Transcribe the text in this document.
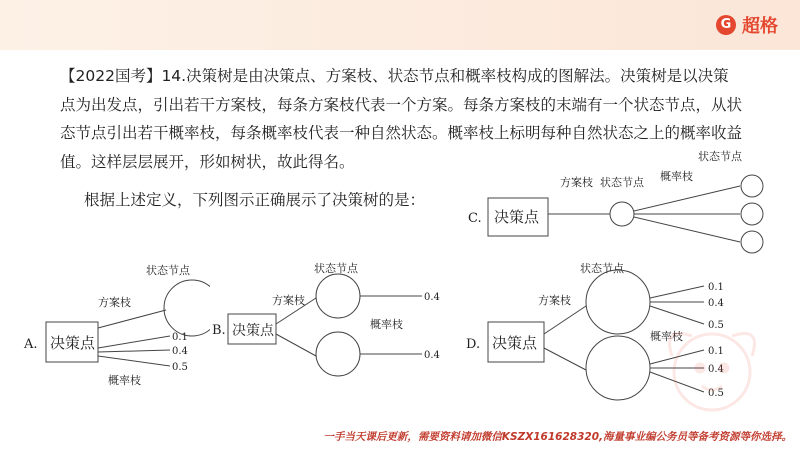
G 超格
【2022国考】14.决策树是由决策点、方案枝、状态节点和概率枝构成的图解法。决策树是以决策
点为出发点，引出若干方案枝，每条方案枝代表一个方案。每条方案枝的末端有一个状态节点，从状
态节点引出若干概率枝，每条概率枝代表一种自然状态。概率枝上标明每种自然状态之上的概率收益
值。这样层层展开，形如树状，故此得名。
根据上述定义，下列图示正确展示了决策树的是：
C. 决策点
方案枝 状态节点 概率枝
状态节点
A. 决策点
方案枝
状态节点
0.1
0.4
0.5
概率枝
B. 决策点
方案枝
状态节点
0.4
0.4
概率枝
D. 决策点
方案枝
状态节点
概率枝
0.1
0.4
0.5
0.1
0.4
0.5
一手当天课后更新，需要资料请加微信KSZX161628320,海量事业编公务员等备考资源等你选择。
